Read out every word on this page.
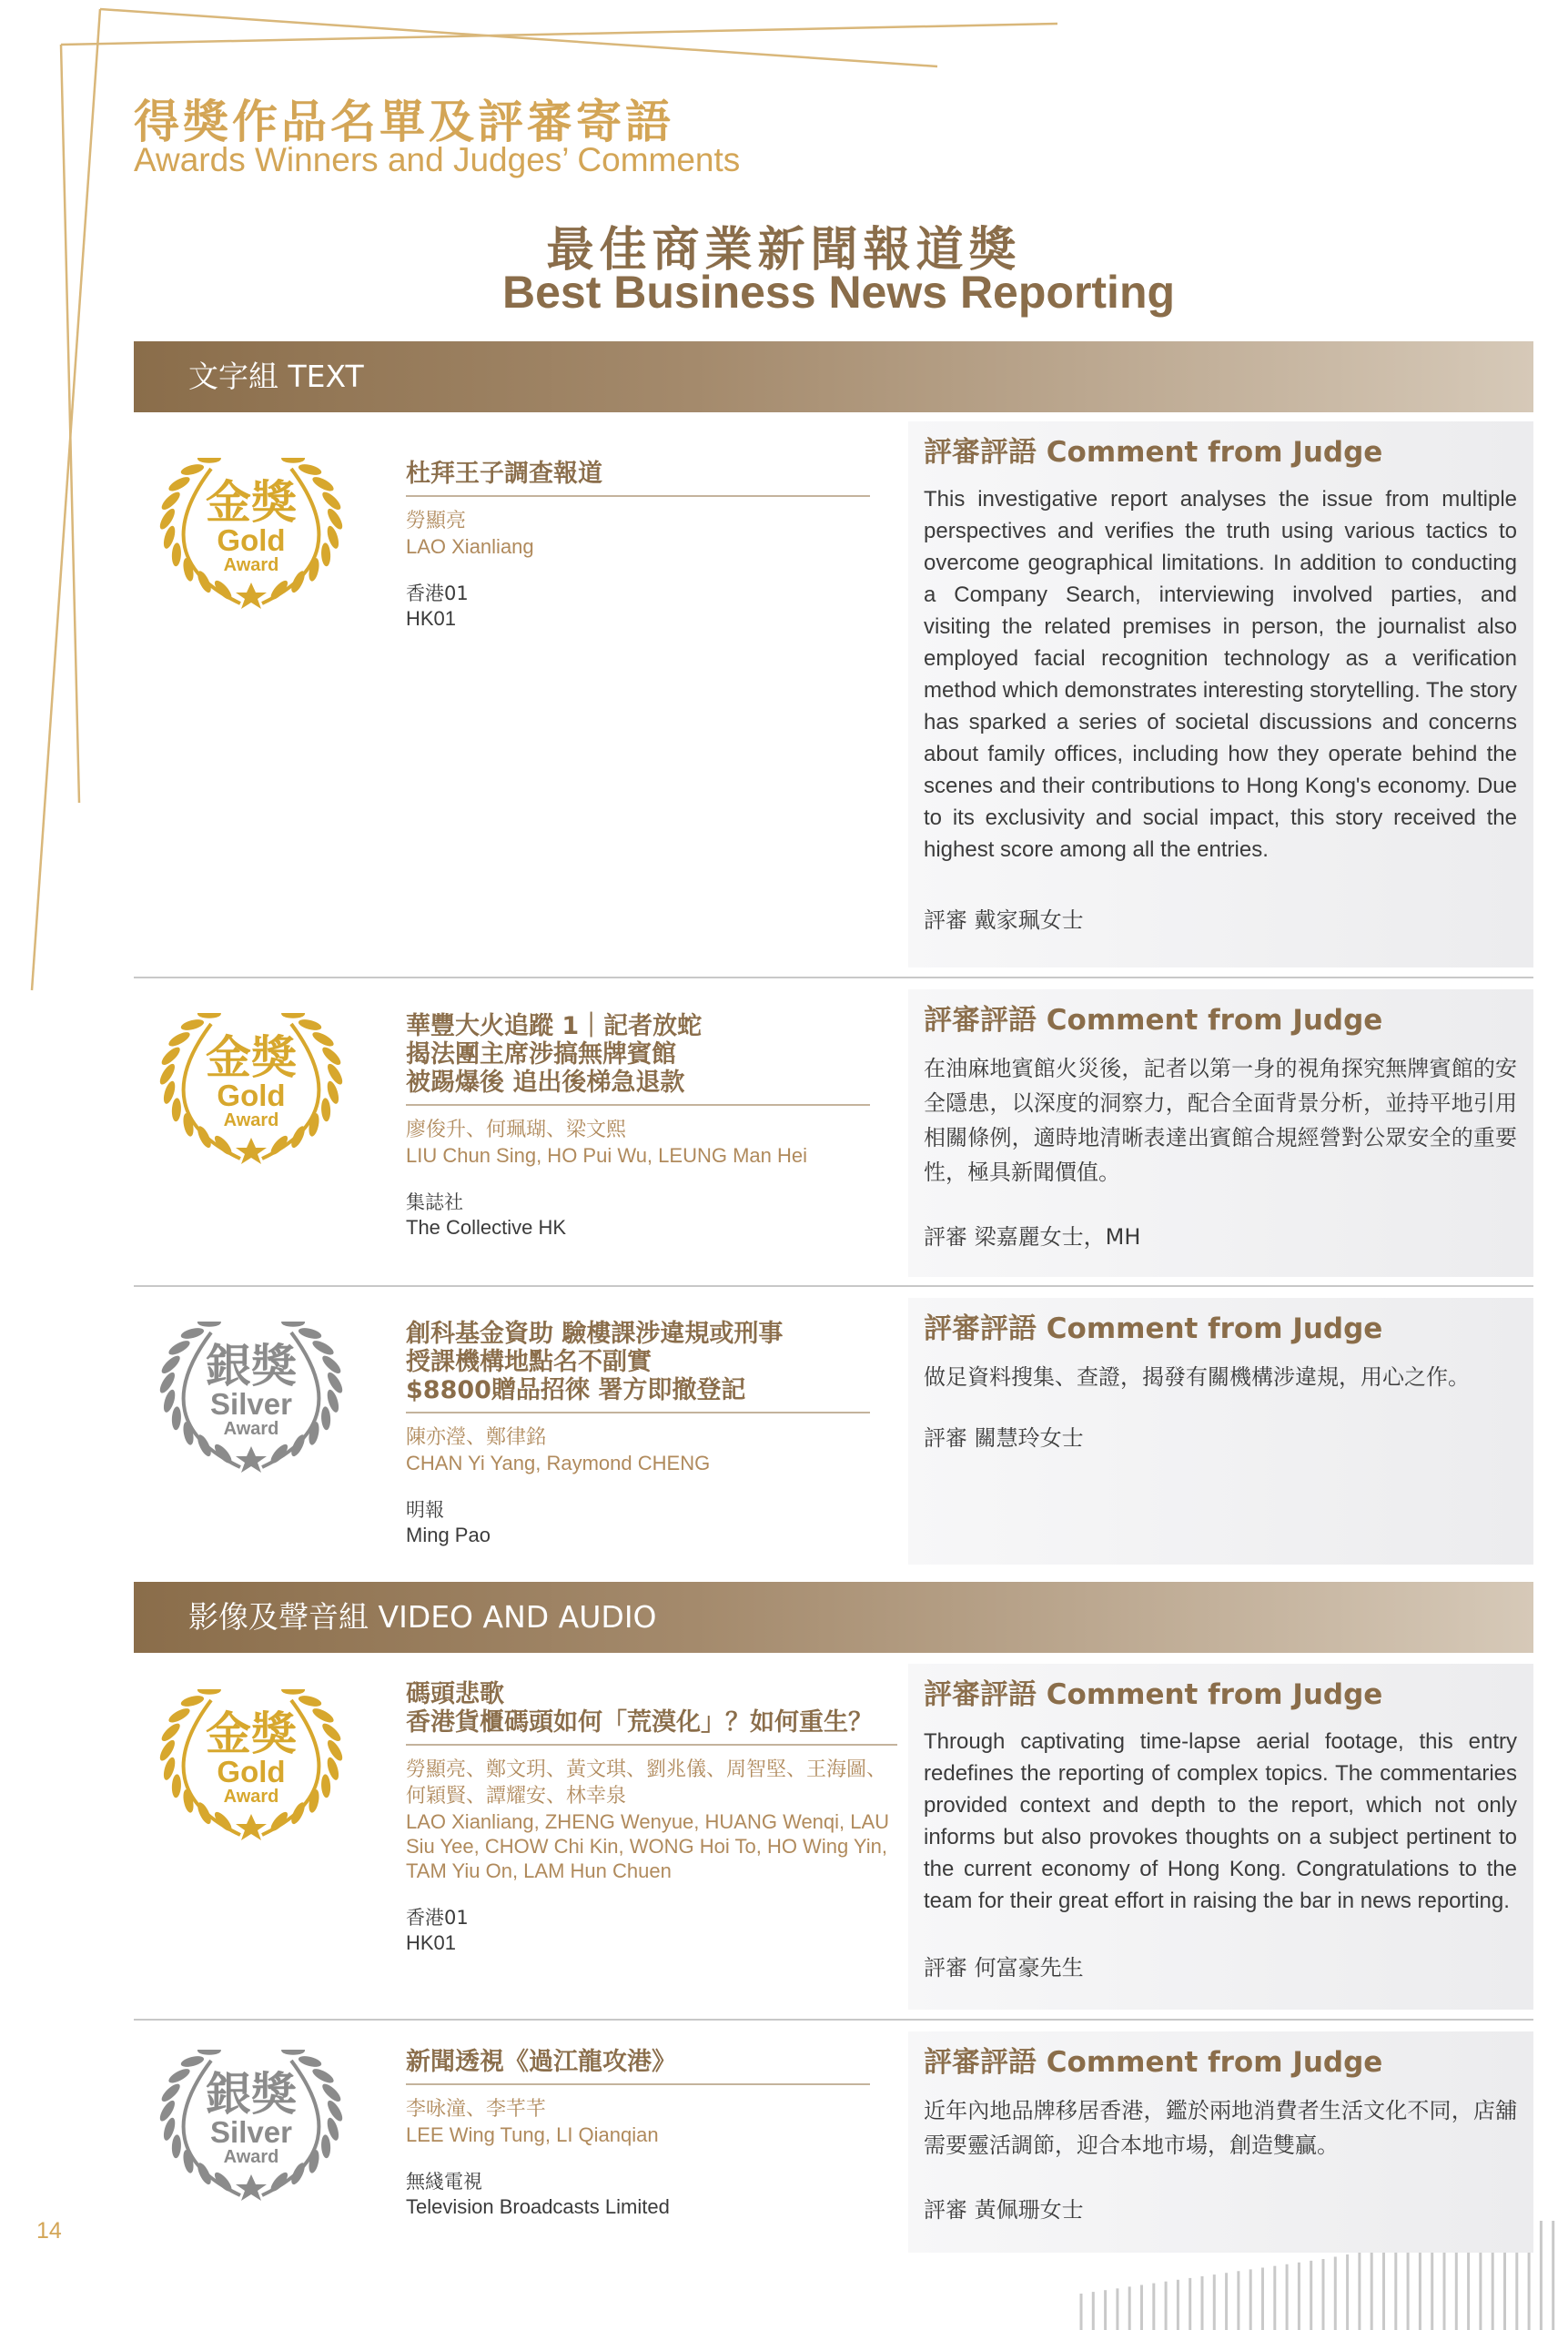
得獎作品名單及評審寄語
Awards Winners and Judges’ Comments
最佳商業新聞報道獎
Best Business News Reporting
文字組 TEXT
金獎
Gold
Award
杜拜王子調查報道
勞顯亮
LAO Xianliang
香港01
HK01
評審評語 Comment from Judge
This investigative report analyses the issue from multiple perspectives and verifies the truth using various tactics to overcome geographical limitations. In addition to conducting a Company Search, interviewing involved parties, and visiting the related premises in person, the journalist also employed facial recognition technology as a verification method which demonstrates interesting storytelling. The story has sparked a series of societal discussions and concerns about family offices, including how they operate behind the scenes and their contributions to Hong Kong's economy. Due to its exclusivity and social impact, this story received the highest score among all the entries.
評審 戴家珮女士
金獎
Gold
Award
華豐大火追蹤 1｜記者放蛇
揭法團主席涉搞無牌賓館
被踢爆後 追出後梯急退款
廖俊升、何珮瑚、梁文熙
LIU Chun Sing, HO Pui Wu, LEUNG Man Hei
集誌社
The Collective HK
評審評語 Comment from Judge
在油麻地賓館火災後，記者以第一身的視角探究無牌賓館的安全隱患，以深度的洞察力，配合全面背景分析，並持平地引用相關條例，適時地清晰表達出賓館合規經營對公眾安全的重要性，極具新聞價值。
評審 梁嘉麗女士，MH
銀獎
Silver
Award
創科基金資助 驗樓課涉違規或刑事
授課機構地點名不副實
$8800贈品招徠 署方即撤登記
陳亦瀅、鄭律銘
CHAN Yi Yang, Raymond CHENG
明報
Ming Pao
評審評語 Comment from Judge
做足資料搜集、查證，揭發有關機構涉違規，用心之作。
評審 關慧玲女士
影像及聲音組 VIDEO AND AUDIO
金獎
Gold
Award
碼頭悲歌
香港貨櫃碼頭如何「荒漠化」？如何重生？
勞顯亮、鄭文玥、黃文琪、劉兆儀、周智堅、王海圖、何穎賢、譚耀安、林幸泉
LAO Xianliang, ZHENG Wenyue, HUANG Wenqi, LAU Siu Yee, CHOW Chi Kin, WONG Hoi To, HO Wing Yin, TAM Yiu On, LAM Hun Chuen
香港01
HK01
評審評語 Comment from Judge
Through captivating time-lapse aerial footage, this entry redefines the reporting of complex topics. The commentaries provided context and depth to the report, which not only informs but also provokes thoughts on a subject pertinent to the current economy of Hong Kong. Congratulations to the team for their great effort in raising the bar in news reporting.
評審 何富豪先生
銀獎
Silver
Award
新聞透視《過江龍攻港》
李咏潼、李芊芊
LEE Wing Tung, LI Qianqian
無綫電視
Television Broadcasts Limited
評審評語 Comment from Judge
近年內地品牌移居香港，鑑於兩地消費者生活文化不同，店舖需要靈活調節，迎合本地市場，創造雙贏。
評審 黃佩珊女士
14
